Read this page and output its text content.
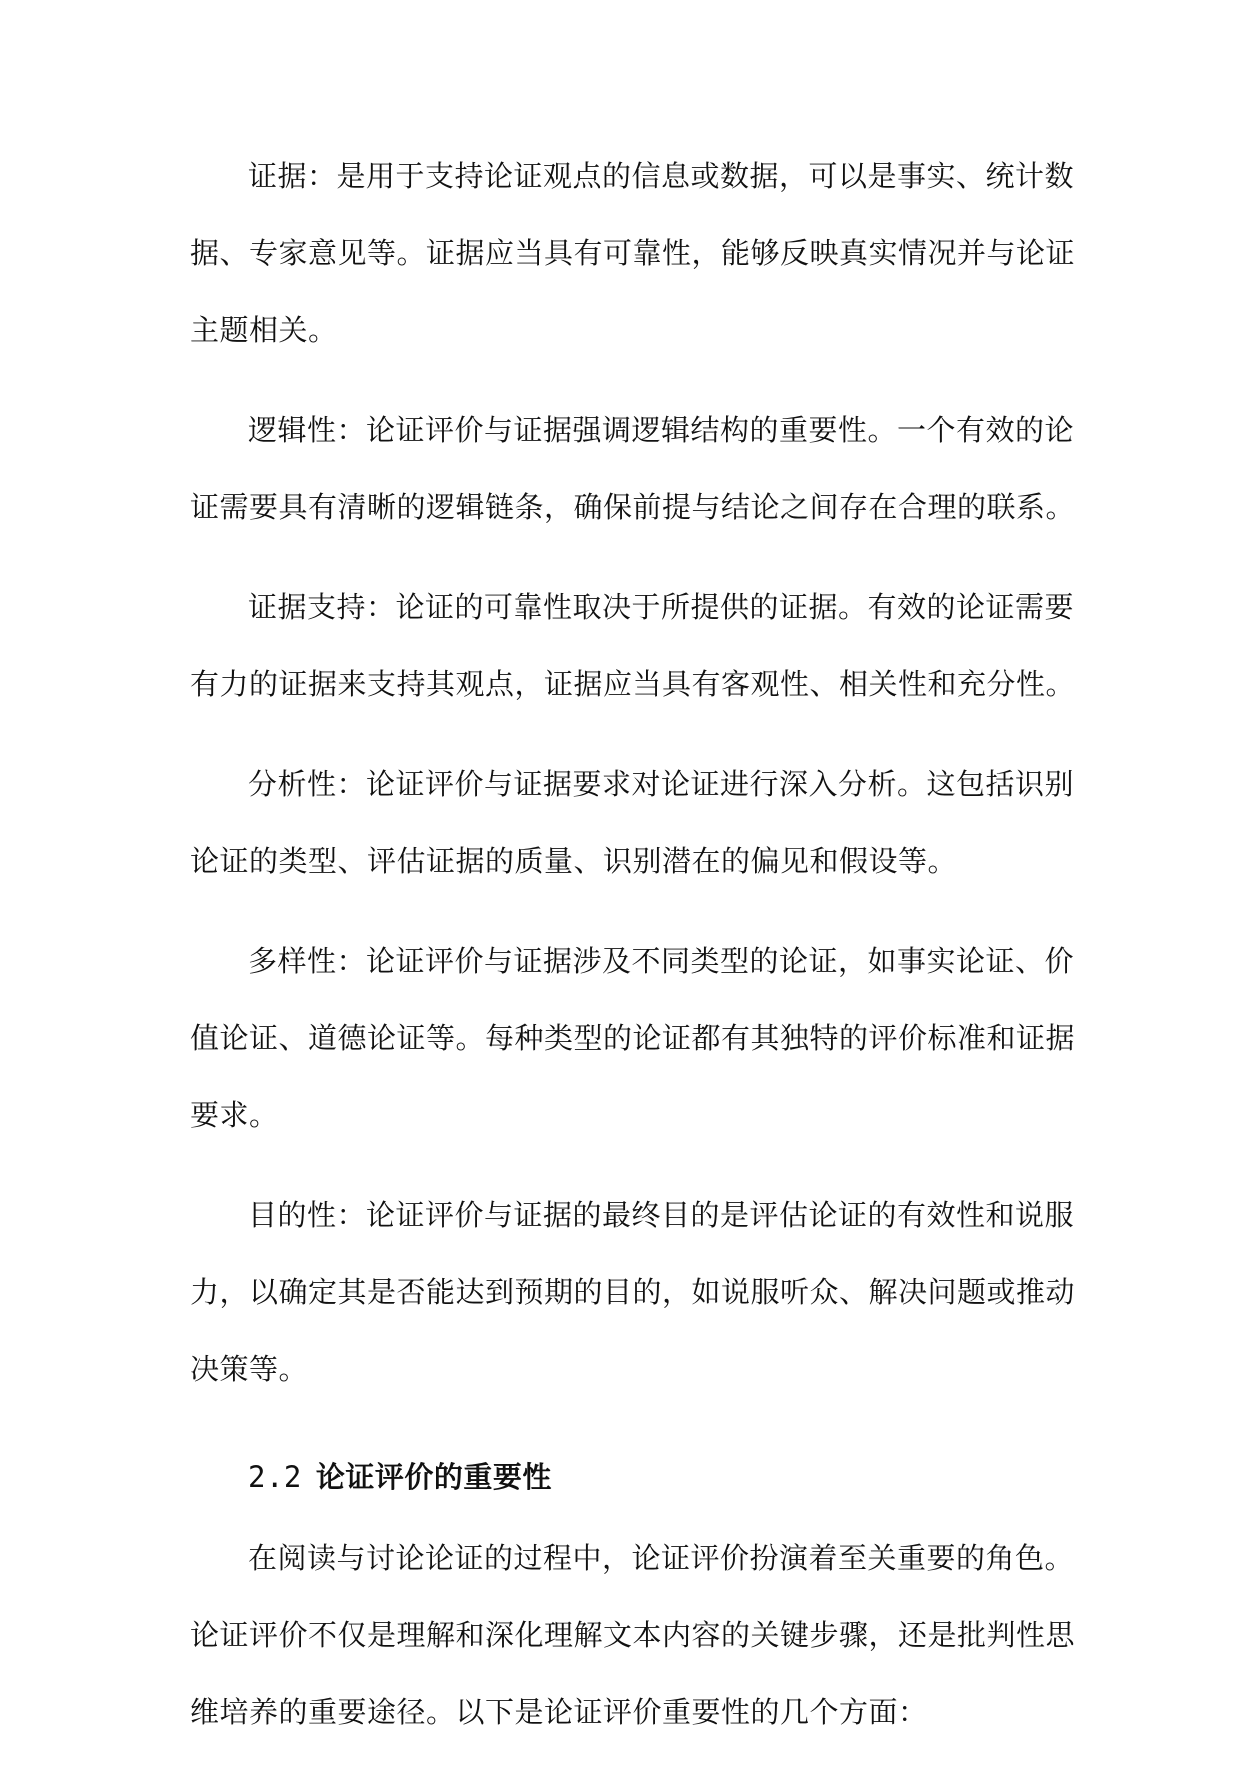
证据：是用于支持论证观点的信息或数据，可以是事实、统计数
据、专家意见等。证据应当具有可靠性，能够反映真实情况并与论证
主题相关。

逻辑性：论证评价与证据强调逻辑结构的重要性。一个有效的论
证需要具有清晰的逻辑链条，确保前提与结论之间存在合理的联系。

证据支持：论证的可靠性取决于所提供的证据。有效的论证需要
有力的证据来支持其观点，证据应当具有客观性、相关性和充分性。

分析性：论证评价与证据要求对论证进行深入分析。这包括识别
论证的类型、评估证据的质量、识别潜在的偏见和假设等。

多样性：论证评价与证据涉及不同类型的论证，如事实论证、价
值论证、道德论证等。每种类型的论证都有其独特的评价标准和证据
要求。

目的性：论证评价与证据的最终目的是评估论证的有效性和说服
力，以确定其是否能达到预期的目的，如说服听众、解决问题或推动
决策等。

2.2 论证评价的重要性

在阅读与讨论论证的过程中，论证评价扮演着至关重要的角色。
论证评价不仅是理解和深化理解文本内容的关键步骤，还是批判性思
维培养的重要途径。以下是论证评价重要性的几个方面：
